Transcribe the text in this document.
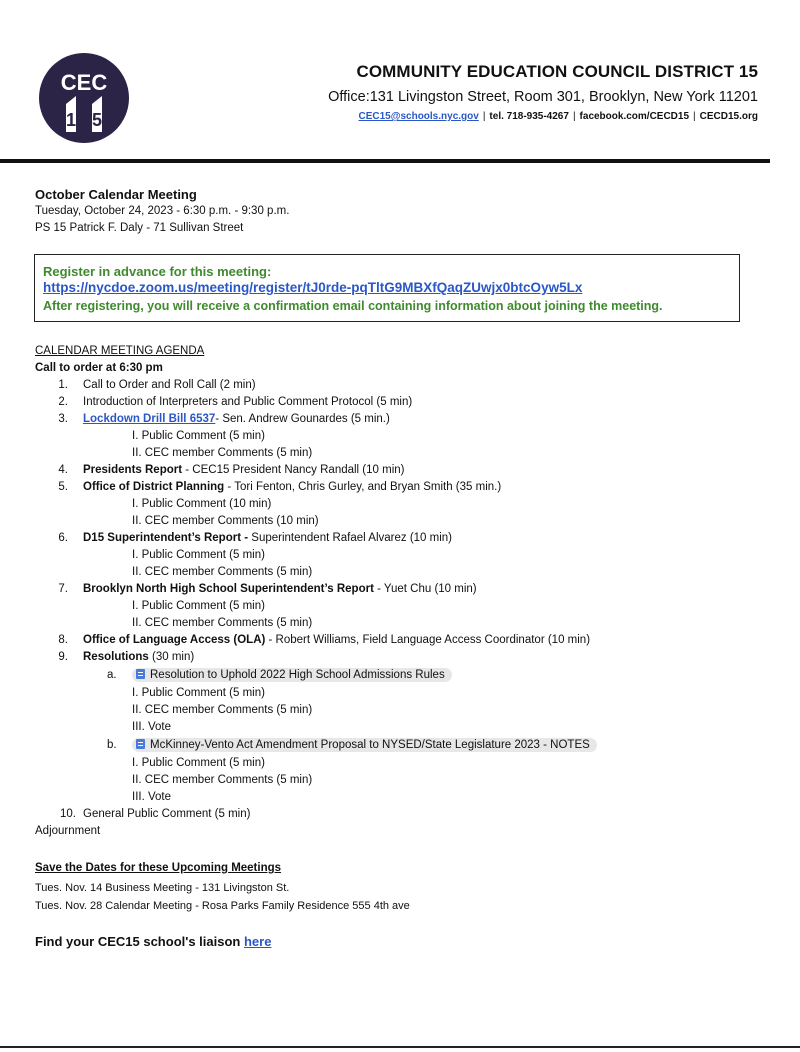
CEC
1 5
COMMUNITY EDUCATION COUNCIL DISTRICT 15
Office:131 Livingston Street, Room 301, Brooklyn, New York 11201
CEC15@schools.nyc.gov | tel. 718-935-4267 | facebook.com/CECD15 | CECD15.org
October Calendar Meeting
Tuesday, October 24, 2023 - 6:30 p.m. - 9:30 p.m.
PS 15 Patrick F. Daly - 71 Sullivan Street
Register in advance for this meeting:
https://nycdoe.zoom.us/meeting/register/tJ0rde-pqTltG9MBXfQaqZUwjx0btcOyw5Lx
After registering, you will receive a confirmation email containing information about joining the meeting.
CALENDAR MEETING AGENDA
Call to order at 6:30 pm
1. Call to Order and Roll Call (2 min)
2. Introduction of Interpreters and Public Comment Protocol (5 min)
3. Lockdown Drill Bill 6537- Sen. Andrew Gounardes (5 min.)
I. Public Comment (5 min)
II. CEC member Comments (5 min)
4. Presidents Report - CEC15 President Nancy Randall (10 min)
5. Office of District Planning - Tori Fenton, Chris Gurley, and Bryan Smith (35 min.)
I. Public Comment (10 min)
II. CEC member Comments (10 min)
6. D15 Superintendent’s Report - Superintendent Rafael Alvarez (10 min)
I. Public Comment (5 min)
II. CEC member Comments (5 min)
7. Brooklyn North High School Superintendent’s Report - Yuet Chu (10 min)
I. Public Comment (5 min)
II. CEC member Comments (5 min)
8. Office of Language Access (OLA) - Robert Williams, Field Language Access Coordinator (10 min)
9. Resolutions (30 min)
a.	Resolution to Uphold 2022 High School Admissions Rules
I. Public Comment (5 min)
II. CEC member Comments (5 min)
III. Vote
b.	McKinney-Vento Act Amendment Proposal to NYSED/State Legislature 2023 - NOTES
I. Public Comment (5 min)
II. CEC member Comments (5 min)
III. Vote
10. General Public Comment (5 min)
Adjournment
Save the Dates for these Upcoming Meetings
Tues. Nov. 14 Business Meeting - 131 Livingston St.
Tues. Nov. 28 Calendar Meeting - Rosa Parks Family Residence 555 4th ave
Find your CEC15 school's liaison here
